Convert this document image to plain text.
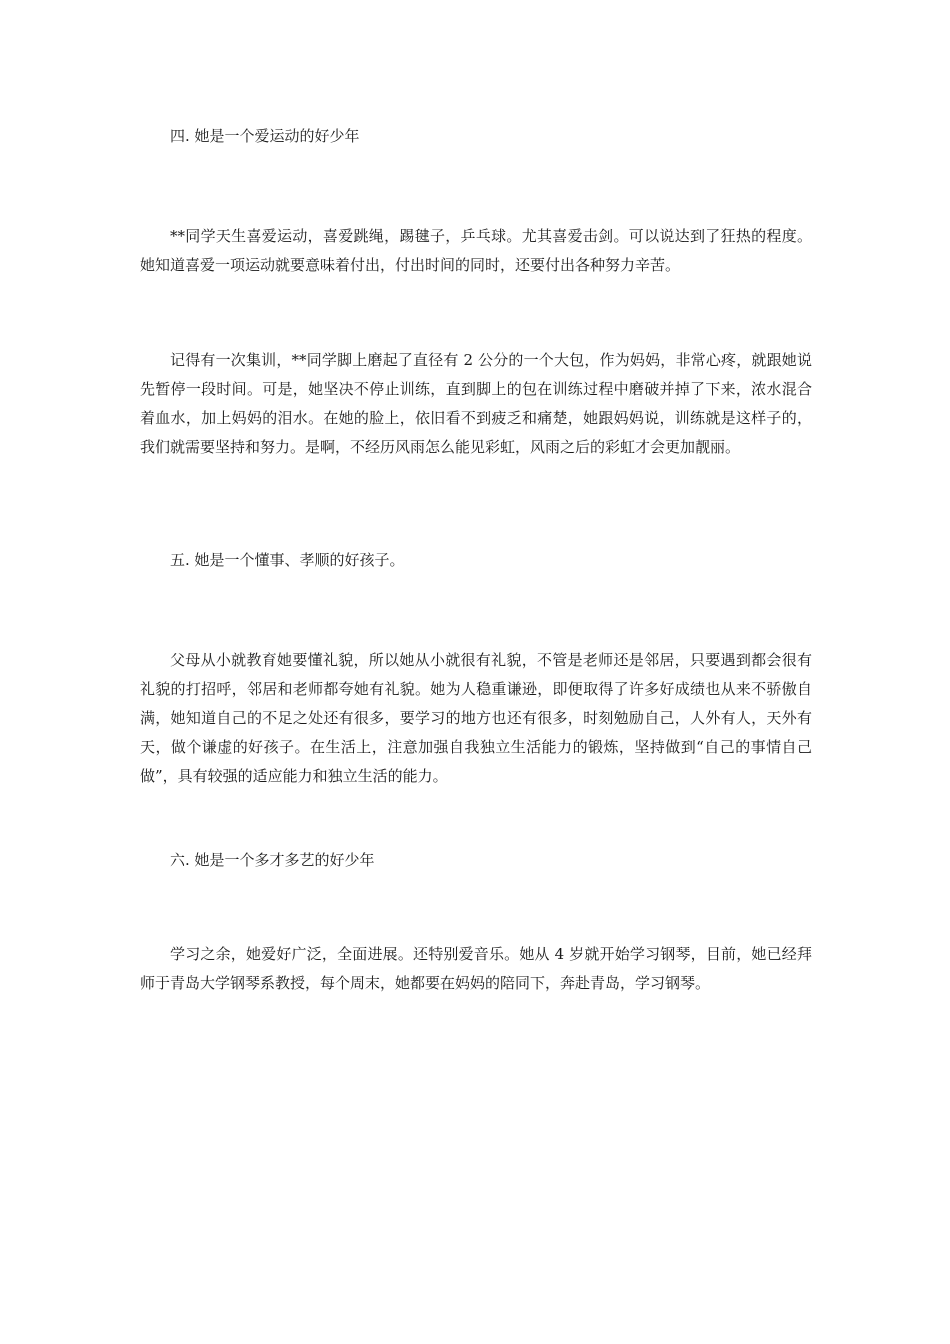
四. 她是一个爱运动的好少年

**同学天生喜爱运动，喜爱跳绳，踢毽子，乒乓球。尤其喜爱击剑。可以说达到了狂热的程度。她知道喜爱一项运动就要意味着付出，付出时间的同时，还要付出各种努力辛苦。

记得有一次集训，**同学脚上磨起了直径有 2 公分的一个大包，作为妈妈，非常心疼，就跟她说先暂停一段时间。可是，她坚决不停止训练，直到脚上的包在训练过程中磨破并掉了下来，浓水混合着血水，加上妈妈的泪水。在她的脸上，依旧看不到疲乏和痛楚，她跟妈妈说，训练就是这样子的，我们就需要坚持和努力。是啊，不经历风雨怎么能见彩虹，风雨之后的彩虹才会更加靓丽。

五. 她是一个懂事、孝顺的好孩子。

父母从小就教育她要懂礼貌，所以她从小就很有礼貌，不管是老师还是邻居，只要遇到都会很有礼貌的打招呼，邻居和老师都夸她有礼貌。她为人稳重谦逊，即便取得了许多好成绩也从来不骄傲自满，她知道自己的不足之处还有很多，要学习的地方也还有很多，时刻勉励自己，人外有人，天外有天，做个谦虚的好孩子。在生活上，注意加强自我独立生活能力的锻炼，坚持做到“自己的事情自己做”，具有较强的适应能力和独立生活的能力。

六. 她是一个多才多艺的好少年

学习之余，她爱好广泛，全面进展。还特别爱音乐。她从 4 岁就开始学习钢琴，目前，她已经拜师于青岛大学钢琴系教授，每个周末，她都要在妈妈的陪同下，奔赴青岛，学习钢琴。
